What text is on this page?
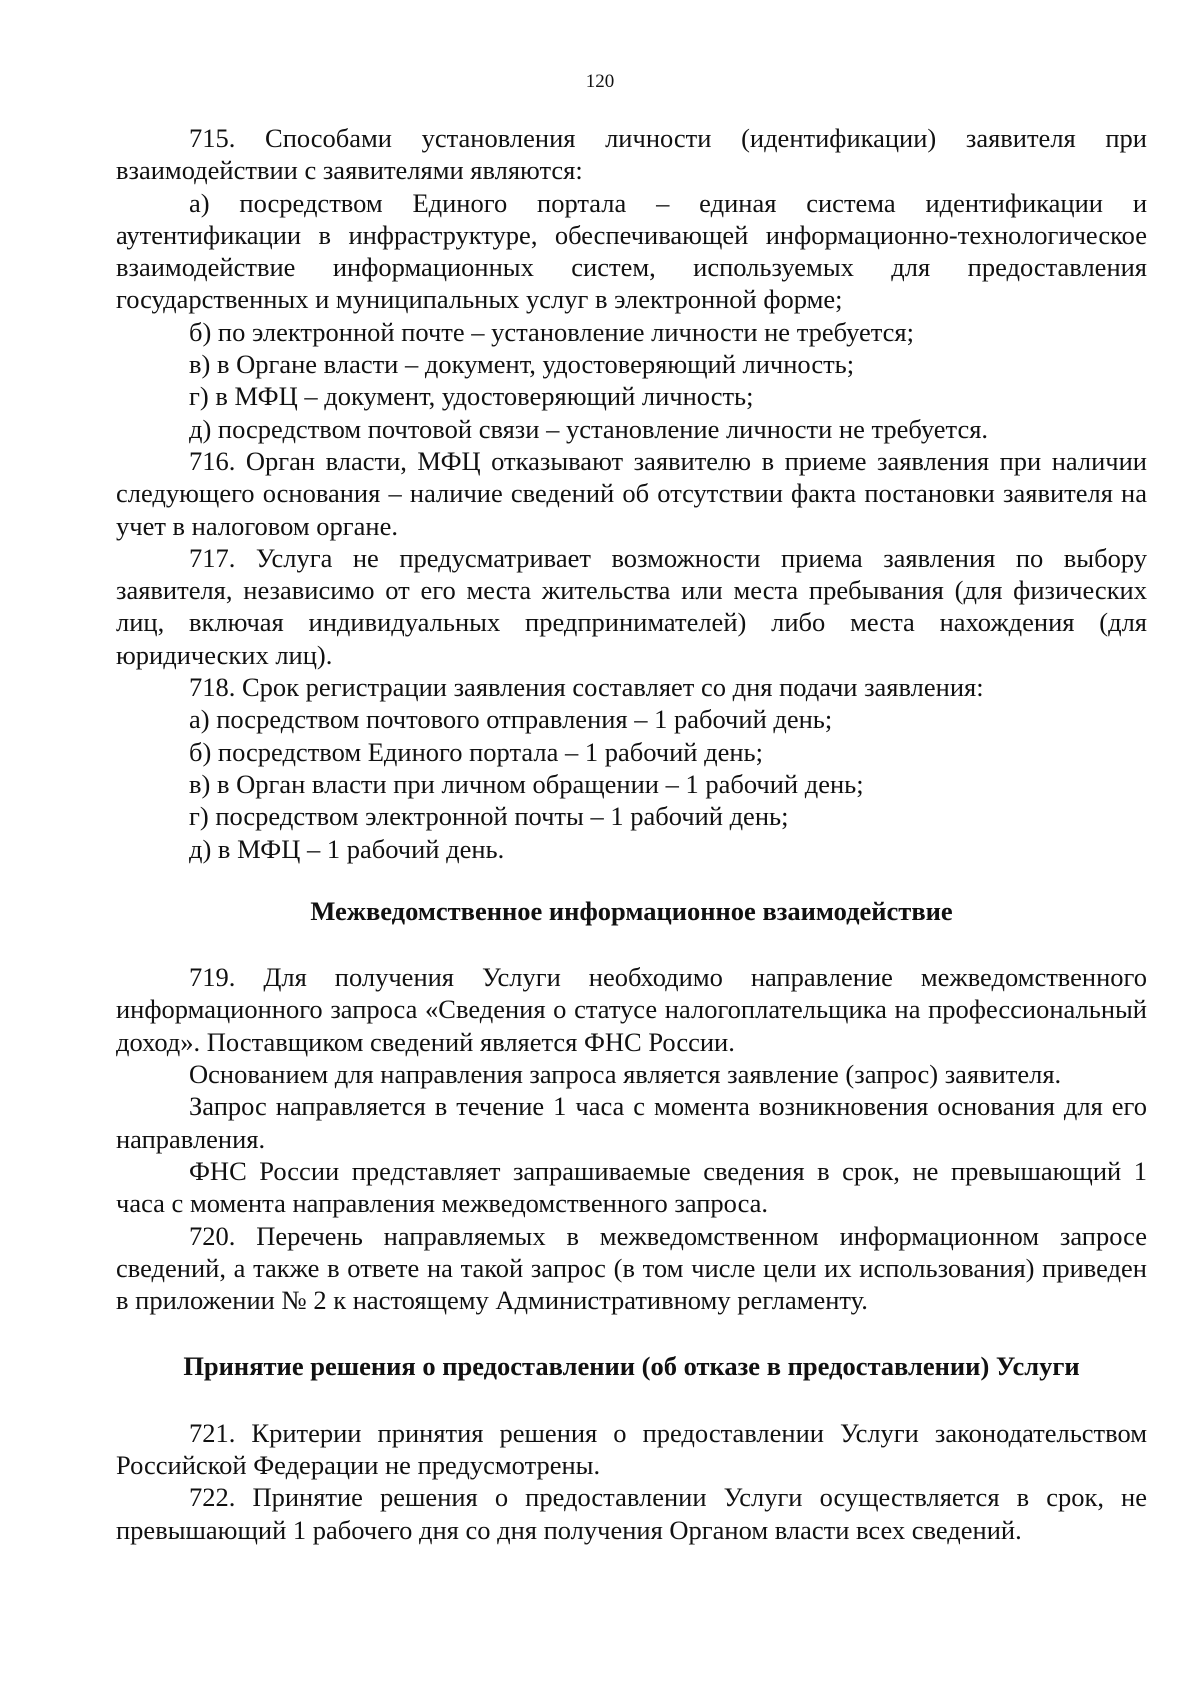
120

715. Способами установления личности (идентификации) заявителя при взаимодействии с заявителями являются:

а) посредством Единого портала – единая система идентификации и аутентификации в инфраструктуре, обеспечивающей информационно-технологическое взаимодействие информационных систем, используемых для предоставления государственных и муниципальных услуг в электронной форме;

б) по электронной почте – установление личности не требуется;

в) в Органе власти – документ, удостоверяющий личность;

г) в МФЦ – документ, удостоверяющий личность;

д) посредством почтовой связи – установление личности не требуется.

716. Орган власти, МФЦ отказывают заявителю в приеме заявления при наличии следующего основания – наличие сведений об отсутствии факта постановки заявителя на учет в налоговом органе.

717. Услуга не предусматривает возможности приема заявления по выбору заявителя, независимо от его места жительства или места пребывания (для физических лиц, включая индивидуальных предпринимателей) либо места нахождения (для юридических лиц).

718. Срок регистрации заявления составляет со дня подачи заявления:

а) посредством почтового отправления – 1 рабочий день;

б) посредством Единого портала – 1 рабочий день;

в) в Орган власти при личном обращении – 1 рабочий день;

г) посредством электронной почты – 1 рабочий день;

д) в МФЦ – 1 рабочий день.

Межведомственное информационное взаимодействие

719. Для получения Услуги необходимо направление межведомственного информационного запроса «Сведения о статусе налогоплательщика на профессиональный доход». Поставщиком сведений является ФНС России.

Основанием для направления запроса является заявление (запрос) заявителя.

Запрос направляется в течение 1 часа с момента возникновения основания для его направления.

ФНС России представляет запрашиваемые сведения в срок, не превышающий 1 часа с момента направления межведомственного запроса.

720. Перечень направляемых в межведомственном информационном запросе сведений, а также в ответе на такой запрос (в том числе цели их использования) приведен в приложении № 2 к настоящему Административному регламенту.

Принятие решения о предоставлении (об отказе в предоставлении) Услуги

721. Критерии принятия решения о предоставлении Услуги законодательством Российской Федерации не предусмотрены.

722. Принятие решения о предоставлении Услуги осуществляется в срок, не превышающий 1 рабочего дня со дня получения Органом власти всех сведений.
